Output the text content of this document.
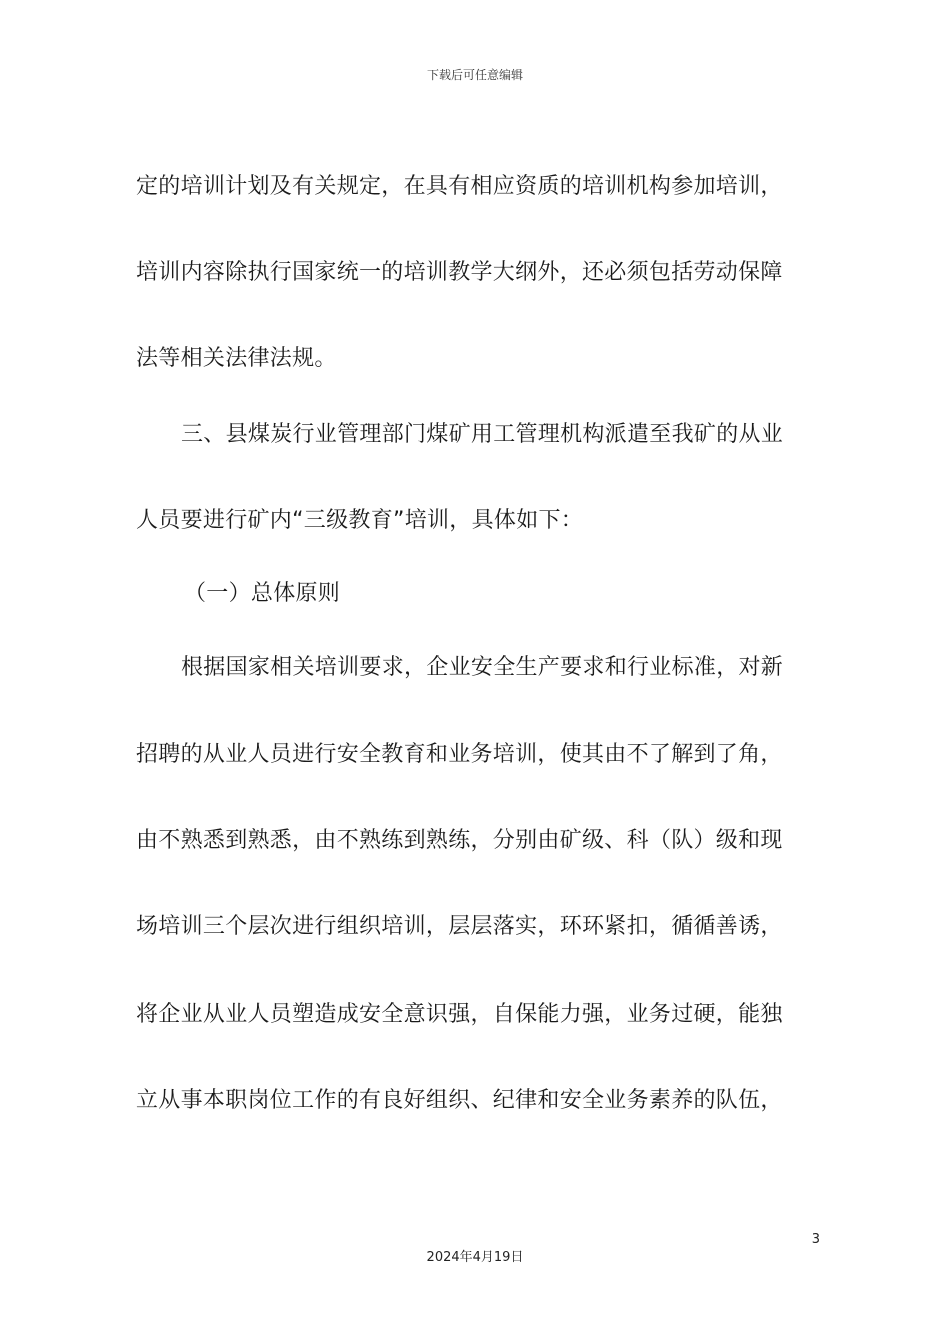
下载后可任意编辑
定的培训计划及有关规定，在具有相应资质的培训机构参加培训，
培训内容除执行国家统一的培训教学大纲外，还必须包括劳动保障
法等相关法律法规。
三、县煤炭行业管理部门煤矿用工管理机构派遣至我矿的从业
人员要进行矿内“三级教育”培训，具体如下：
（一）总体原则
根据国家相关培训要求，企业安全生产要求和行业标准，对新
招聘的从业人员进行安全教育和业务培训，使其由不了解到了角，
由不熟悉到熟悉，由不熟练到熟练，分别由矿级、科（队）级和现
场培训三个层次进行组织培训，层层落实，环环紧扣，循循善诱，
将企业从业人员塑造成安全意识强，自保能力强，业务过硬，能独
立从事本职岗位工作的有良好组织、纪律和安全业务素养的队伍，
3
2024年4月19日
